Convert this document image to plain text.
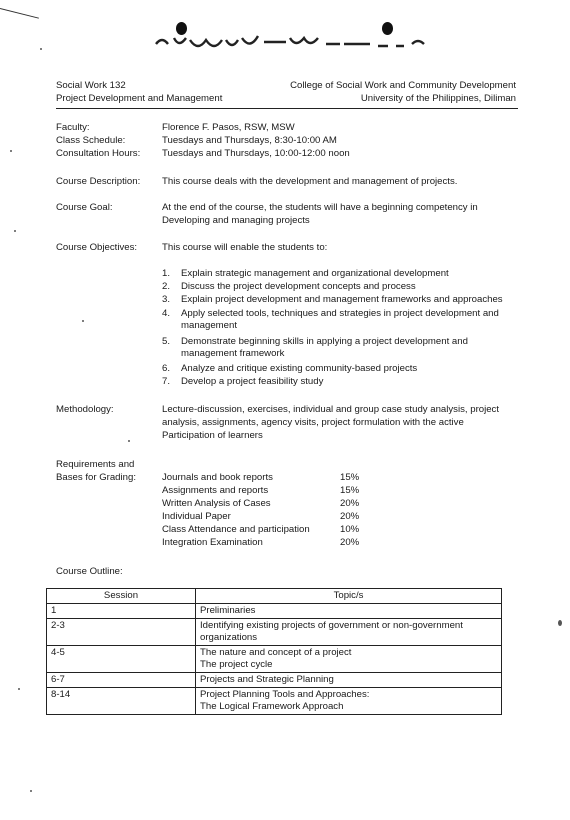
Social Work 132
Project Development and Management
College of Social Work and Community Development
University of the Philippines, Diliman
Faculty:	Florence F. Pasos, RSW, MSW
Class Schedule:	Tuesdays and Thursdays, 8:30-10:00 AM
Consultation Hours: Tuesdays and Thursdays, 10:00-12:00 noon
Course Description: This course deals with the development and management of projects.
Course Goal:	At the end of the course, the students will have a beginning competency in
Developing and managing projects
Course Objectives:	This course will enable the students to:
1. Explain strategic management and organizational development
2. Discuss the project development concepts and process
3. Explain project development and management frameworks and approaches
4. Apply selected tools, techniques and strategies in project development and management
5. Demonstrate beginning skills in applying a project development and management framework
6. Analyze and critique existing community-based projects
7. Develop a project feasibility study
Methodology:	Lecture-discussion, exercises, individual and group case study analysis, project
analysis, assignments, agency visits, project formulation with the active
Participation of learners
Requirements and
Bases for Grading:	Journals and book reports	15%
Assignments and reports	15%
Written Analysis of Cases	20%
Individual Paper	20%
Class Attendance and participation	10%
Integration Examination	20%
Course Outline:
Session	Topic/s
1	Preliminaries

2-3	Identifying existing projects of government or non-government
organizations

4-5	The nature and concept of a project
The project cycle

6-7	Projects and Strategic Planning

8-14	Project Planning Tools and Approaches:
The Logical Framework Approach
